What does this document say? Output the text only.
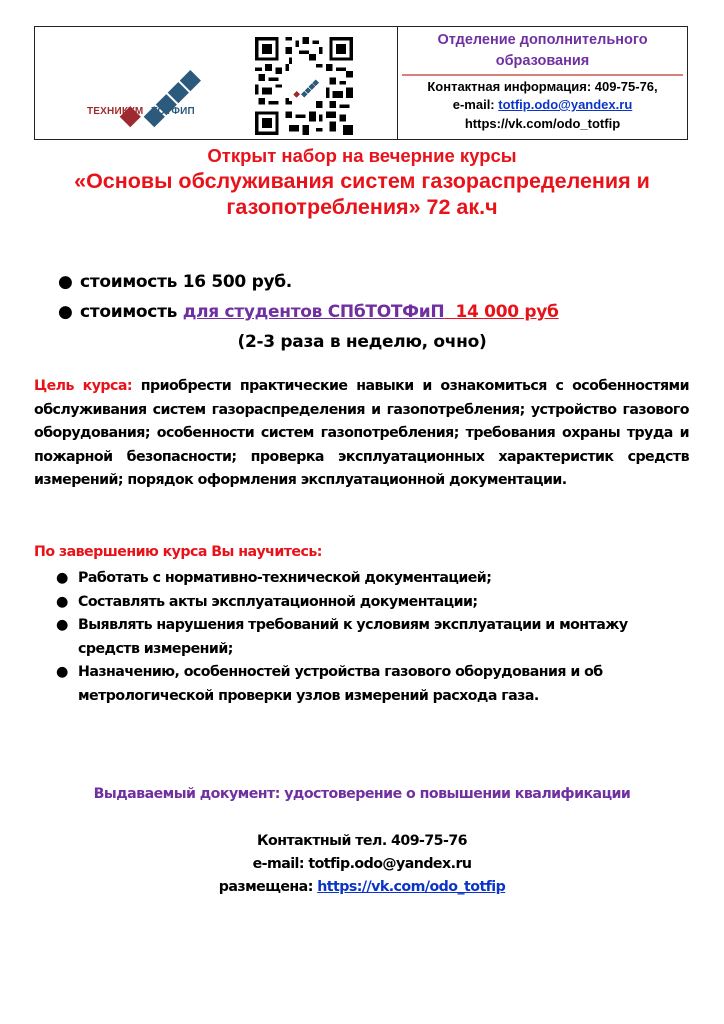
ТЕХНИКУМ ТОТФИП
Отделение дополнительного
образования
Контактная информация: 409-75-76,
e-mail: totfip.odo@yandex.ru
https://vk.com/odo_totfip
Открыт набор на вечерние курсы
«Основы обслуживания систем газораспределения и
газопотребления» 72 ак.ч
● стоимость 16 500 руб.
● стоимость для студентов СПбТОТФиП  14 000 руб
(2-3 раза в неделю, очно)
Цель курса: приобрести практические навыки и ознакомиться с особенностями обслуживания систем газораспределения и газопотребления; устройство газового оборудования; особенности систем газопотребления; требования охраны труда и пожарной безопасности; проверка эксплуатационных характеристик средств измерений; порядок оформления эксплуатационной документации.
По завершению курса Вы научитесь:
● Работать с нормативно-технической документацией;
● Составлять акты эксплуатационной документации;
● Выявлять нарушения требований к условиям эксплуатации и монтажу средств измерений;
● Назначению, особенностей устройства газового оборудования и об метрологической проверки узлов измерений расхода газа.
Выдаваемый документ: удостоверение о повышении квалификации
Контактный тел. 409-75-76
e-mail: totfip.odo@yandex.ru
размещена: https://vk.com/odo_totfip
